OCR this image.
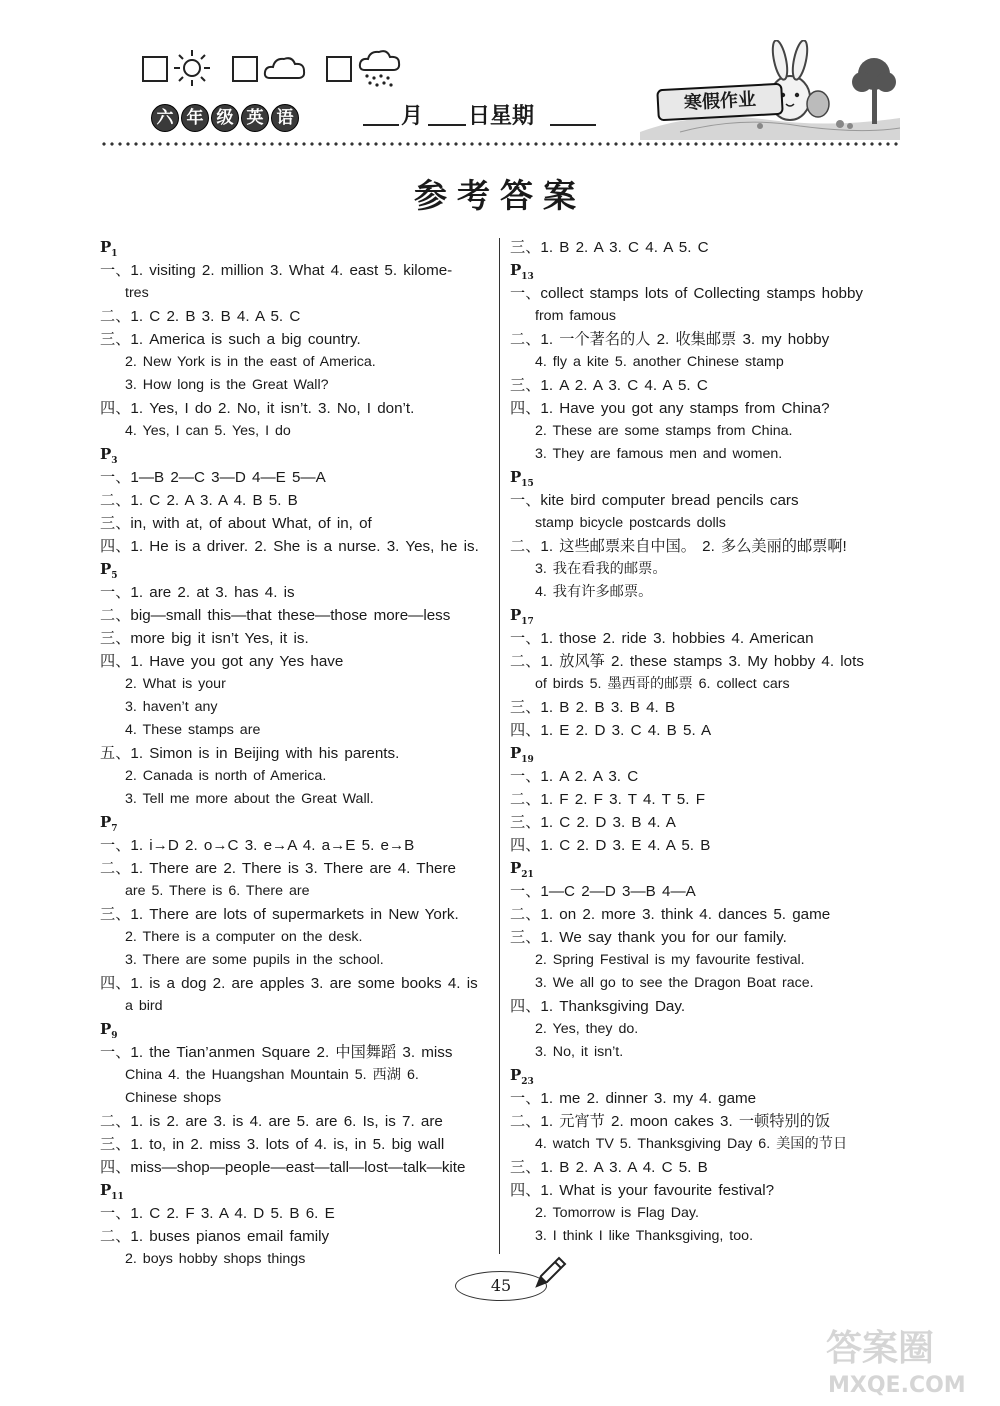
六 年 级 英 语	月 日星期
寒假作业
参考答案
$P_1$
一、1. visiting 2. million 3. What 4. east 5. kilome-
tres
二、1. C 2. B 3. B 4. A 5. C
三、1. America is such a big country.
2. New York is in the east of America.
3. How long is the Great Wall?
四、1. Yes, I do 2. No, it isn’t. 3. No, I don’t.
4. Yes, I can 5. Yes, I do
$P_3$
一、1—B 2—C 3—D 4—E 5—A
二、1. C 2. A 3. A 4. B 5. B
三、in, with at, of about What, of in, of
四、1. He is a driver. 2. She is a nurse. 3. Yes, he is.
$P_5$
一、1. are 2. at 3. has 4. is
二、big—small this—that these—those more—less
三、more big it isn’t Yes, it is.
四、1. Have you got any Yes have
2. What is your
3. haven’t any
4. These stamps are
五、1. Simon is in Beijing with his parents.
2. Canada is north of America.
3. Tell me more about the Great Wall.
$P_7$
一、1. i→D 2. o→C 3. e→A 4. a→E 5. e→B
二、1. There are 2. There is 3. There are 4. There
are 5. There is 6. There are
三、1. There are lots of supermarkets in New York.
2. There is a computer on the desk.
3. There are some pupils in the school.
四、1. is a dog 2. are apples 3. are some books 4. is
a bird
$P_9$
一、1. the Tian’anmen Square 2. 中国舞蹈 3. miss
China 4. the Huangshan Mountain 5. 西湖 6.
Chinese shops
二、1. is 2. are 3. is 4. are 5. are 6. Is, is 7. are
三、1. to, in 2. miss 3. lots of 4. is, in 5. big wall
四、miss—shop—people—east—tall—lost—talk—kite
$P_{11}$
一、1. C 2. F 3. A 4. D 5. B 6. E
二、1. buses pianos email family
2. boys hobby shops things
三、1. B 2. A 3. C 4. A 5. C
$P_{13}$
一、collect stamps lots of Collecting stamps hobby
from famous
二、1. 一个著名的人 2. 收集邮票 3. my hobby
4. fly a kite 5. another Chinese stamp
三、1. A 2. A 3. C 4. A 5. C
四、1. Have you got any stamps from China?
2. These are some stamps from China.
3. They are famous men and women.
$P_{15}$
一、kite bird computer bread pencils cars
stamp bicycle postcards dolls
二、1. 这些邮票来自中国。 2. 多么美丽的邮票啊!
3. 我在看我的邮票。
4. 我有许多邮票。
$P_{17}$
一、1. those 2. ride 3. hobbies 4. American
二、1. 放风筝 2. these stamps 3. My hobby 4. lots
of birds 5. 墨西哥的邮票 6. collect cars
三、1. B 2. B 3. B 4. B
四、1. E 2. D 3. C 4. B 5. A
$P_{19}$
一、1. A 2. A 3. C
二、1. F 2. F 3. T 4. T 5. F
三、1. C 2. D 3. B 4. A
四、1. C 2. D 3. E 4. A 5. B
$P_{21}$
一、1—C 2—D 3—B 4—A
二、1. on 2. more 3. think 4. dances 5. game
三、1. We say thank you for our family.
2. Spring Festival is my favourite festival.
3. We all go to see the Dragon Boat race.
四、1. Thanksgiving Day.
2. Yes, they do.
3. No, it isn’t.
$P_{23}$
一、1. me 2. dinner 3. my 4. game
二、1. 元宵节 2. moon cakes 3. 一顿特别的饭
4. watch TV 5. Thanksgiving Day 6. 美国的节日
三、1. B 2. A 3. A 4. C 5. B
四、1. What is your favourite festival?
2. Tomorrow is Flag Day.
3. I think I like Thanksgiving, too.
45
答案圈
MXQE.COM
